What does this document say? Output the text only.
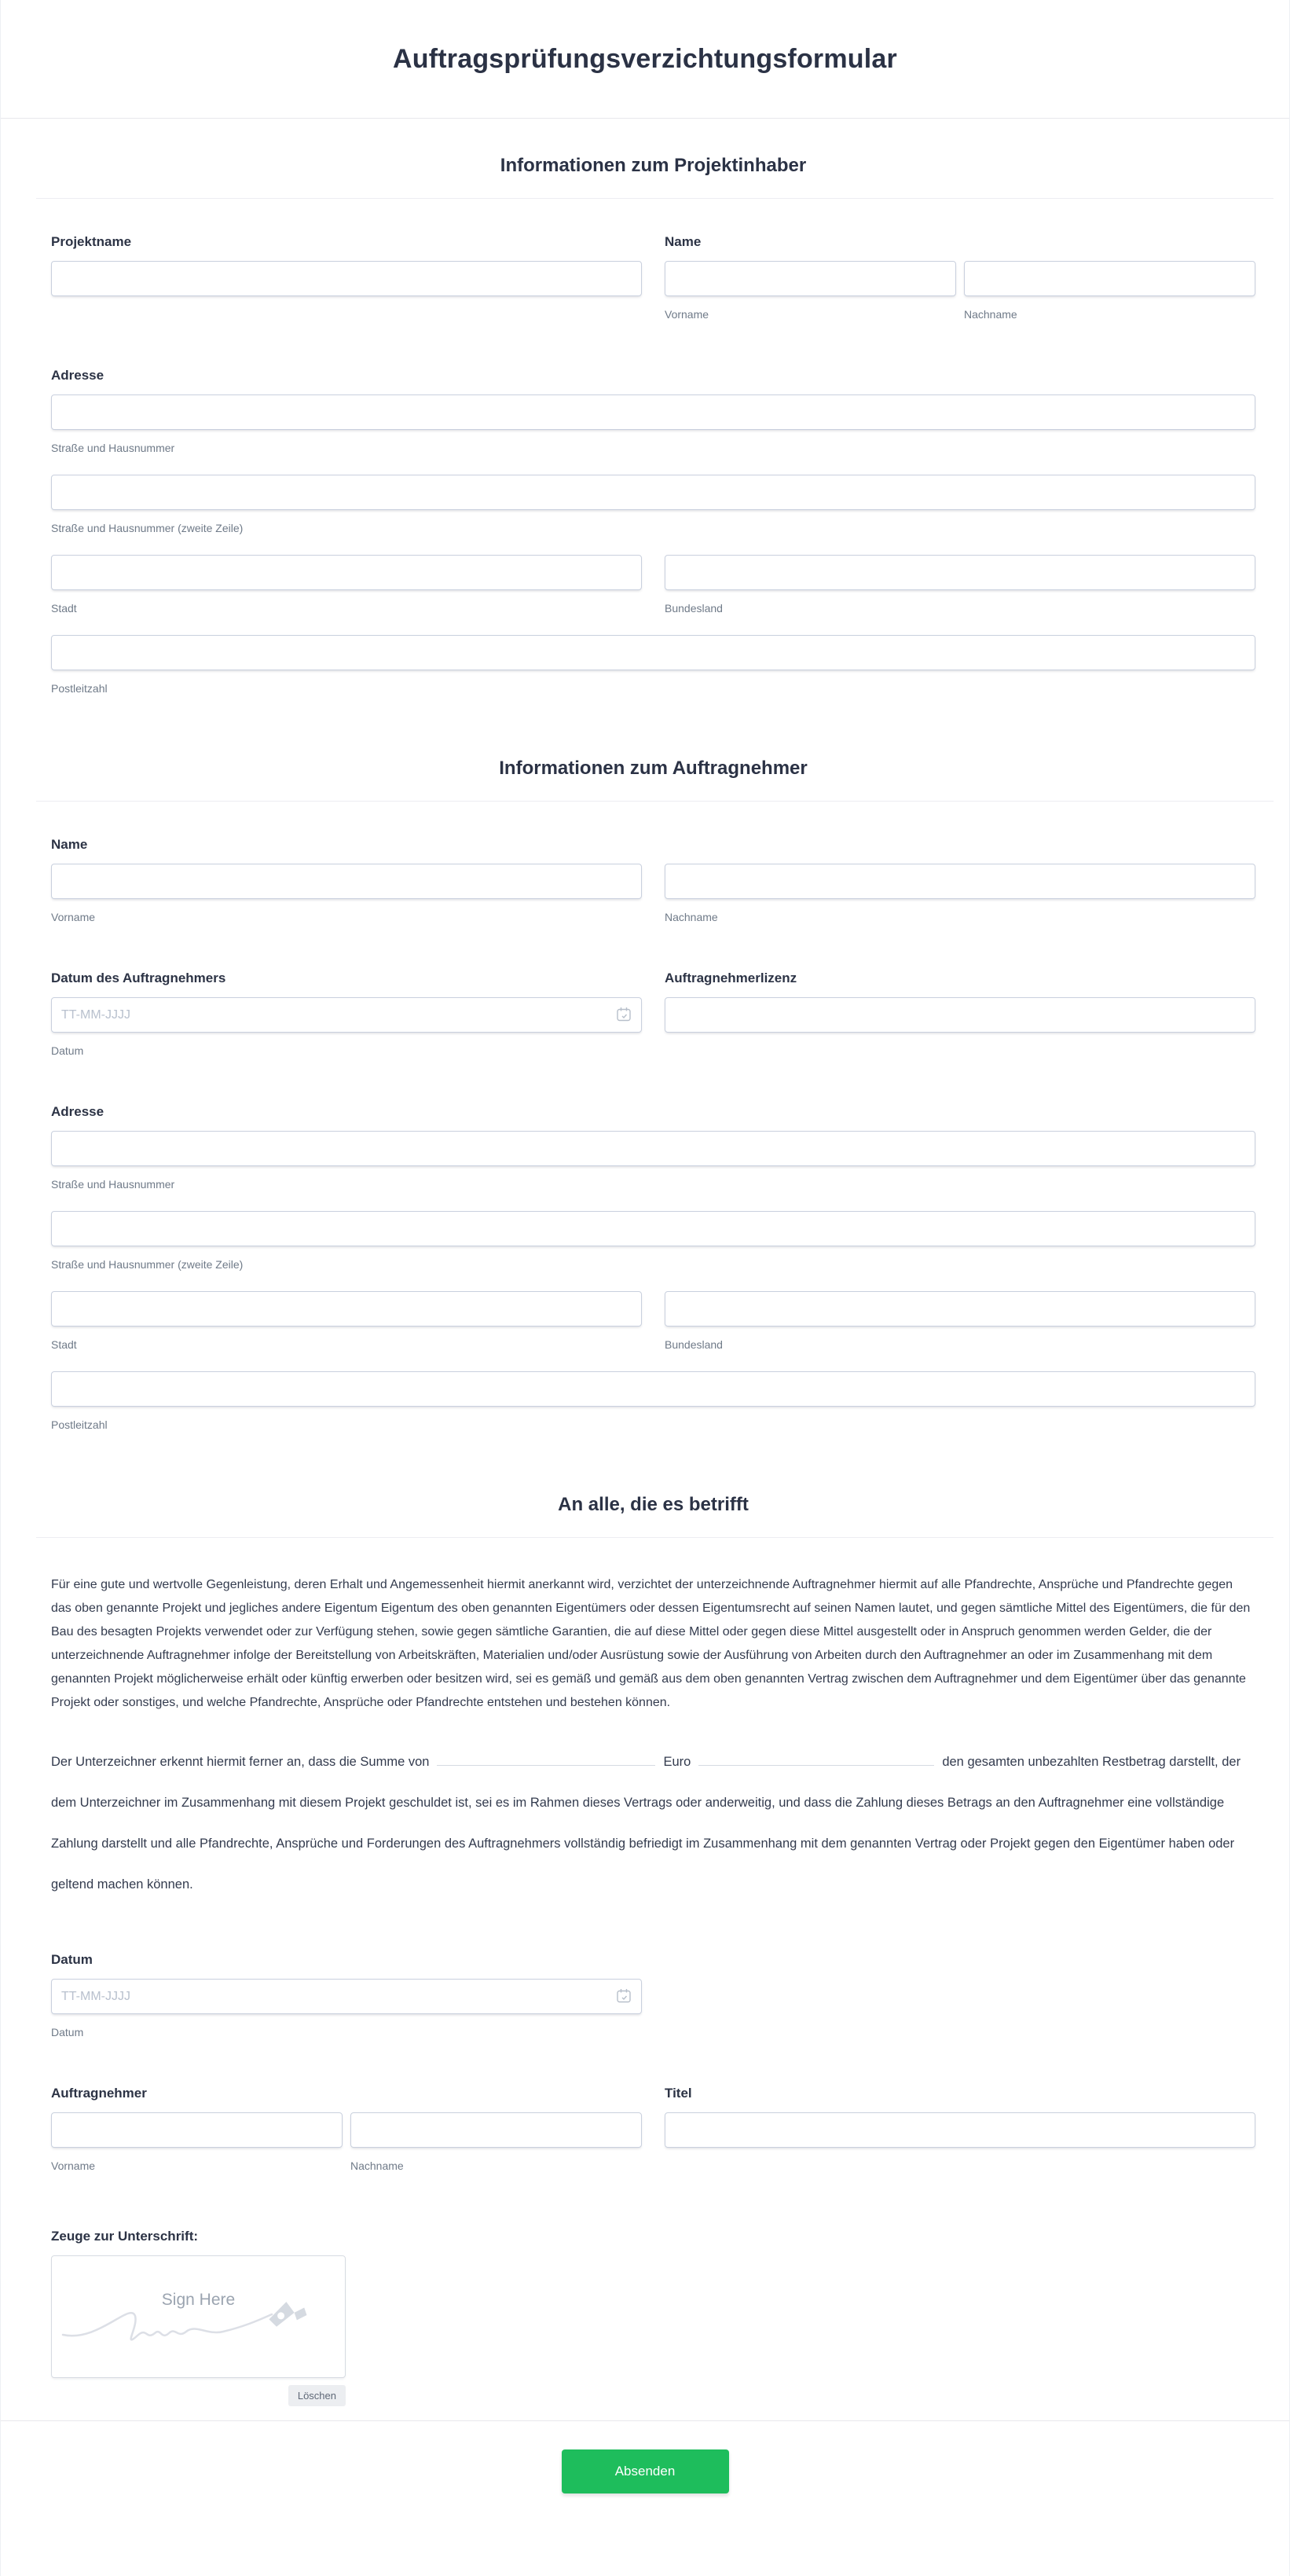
Auftragsprüfungsverzichtungsformular
Informationen zum Projektinhaber
Projektname	Name
Vorname	Nachname
Adresse
Straße und Hausnummer
Straße und Hausnummer (zweite Zeile)
Stadt	Bundesland
Postleitzahl
Informationen zum Auftragnehmer
Name
Vorname	Nachname
Datum des Auftragnehmers
TT-MM-JJJJ
Datum
Auftragnehmerlizenz
Adresse
Straße und Hausnummer
Straße und Hausnummer (zweite Zeile)
Stadt	Bundesland
Postleitzahl
An alle, die es betrifft

Für eine gute und wertvolle Gegenleistung, deren Erhalt und Angemessenheit hiermit anerkannt wird, verzichtet der unterzeichnende Auftragnehmer hiermit auf alle Pfandrechte, Ansprüche und Pfandrechte gegen das oben genannte Projekt und jegliches andere Eigentum Eigentum des oben genannten Eigentümers oder dessen Eigentumsrecht auf seinen Namen lautet, und gegen sämtliche Mittel des Eigentümers, die für den Bau des besagten Projekts verwendet oder zur Verfügung stehen, sowie gegen sämtliche Garantien, die auf diese Mittel oder gegen diese Mittel ausgestellt oder in Anspruch genommen werden Gelder, die der unterzeichnende Auftragnehmer infolge der Bereitstellung von Arbeitskräften, Materialien und/oder Ausrüstung sowie der Ausführung von Arbeiten durch den Auftragnehmer an oder im Zusammenhang mit dem genannten Projekt möglicherweise erhält oder künftig erwerben oder besitzen wird, sei es gemäß und gemäß aus dem oben genannten Vertrag zwischen dem Auftragnehmer und dem Eigentümer über das genannte Projekt oder sonstiges, und welche Pfandrechte, Ansprüche oder Pfandrechte entstehen und bestehen können.

Der Unterzeichner erkennt hiermit ferner an, dass die Summe von	Euro	den gesamten unbezahlten Restbetrag darstellt, der dem Unterzeichner im Zusammenhang mit diesem Projekt geschuldet ist, sei es im Rahmen dieses Vertrags oder anderweitig, und dass die Zahlung dieses Betrags an den Auftragnehmer eine vollständige Zahlung darstellt und alle Pfandrechte, Ansprüche und Forderungen des Auftragnehmers vollständig befriedigt im Zusammenhang mit dem genannten Vertrag oder Projekt gegen den Eigentümer haben oder geltend machen können.

Datum
TT-MM-JJJJ
Datum
Auftragnehmer
Vorname	Nachname
Titel
Zeuge zur Unterschrift:
Sign Here
Löschen
Absenden
